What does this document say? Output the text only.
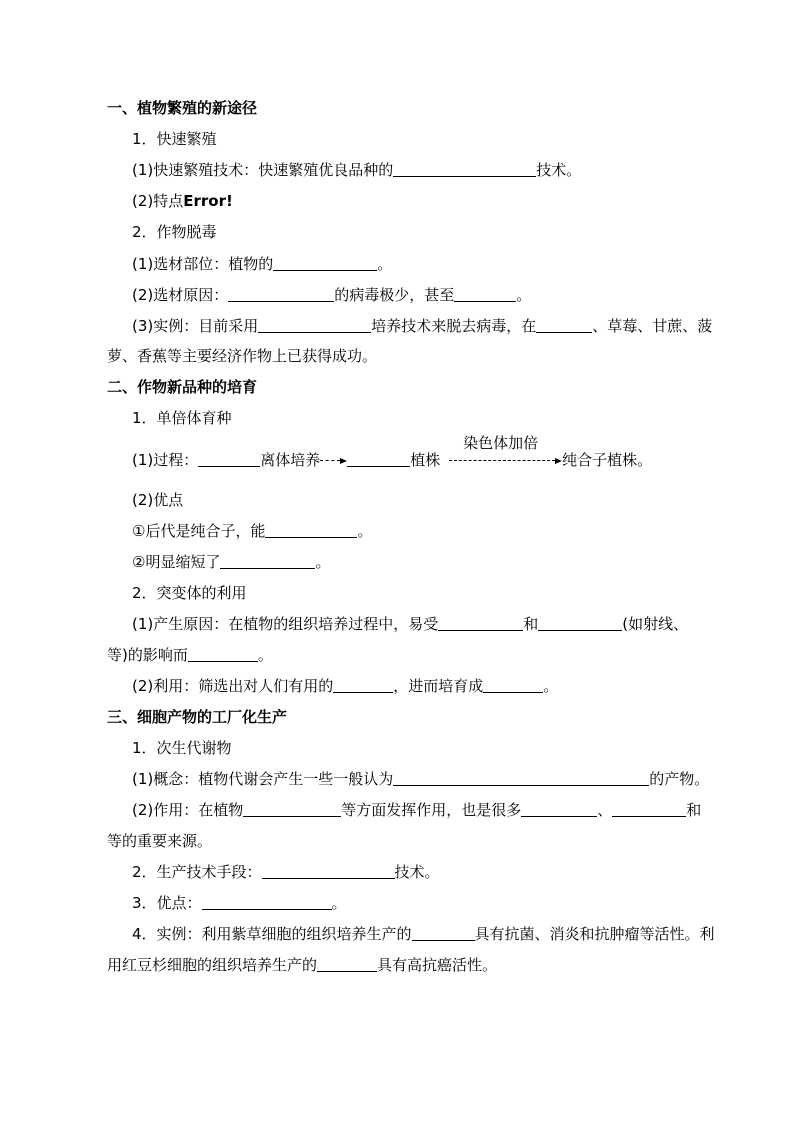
一、植物繁殖的新途径
1．快速繁殖
(1)快速繁殖技术：快速繁殖优良品种的	技术。
(2)特点Error!
2．作物脱毒
(1)选材部位：植物的	。
(2)选材原因：	的病毒极少，甚至	。
(3)实例：目前采用	培养技术来脱去病毒，在	、草莓、甘蔗、菠
萝、香蕉等主要经济作物上已获得成功。
二、作物新品种的培育
1．单倍体育种
(1)过程：	离体培养	植株
染色体加倍
纯合子植株。
(2)优点
①后代是纯合子，能	。
②明显缩短了	。
2．突变体的利用
(1)产生原因：在植物的组织培养过程中，易受	和	(如射线、
等)的影响而	。
(2)利用：筛选出对人们有用的	，进而培育成	。
三、细胞产物的工厂化生产
1．次生代谢物
(1)概念：植物代谢会产生一些一般认为	的产物。
(2)作用：在植物	等方面发挥作用，也是很多	、	和
等的重要来源。
2．生产技术手段：	技术。
3．优点：	。
4．实例：利用紫草细胞的组织培养生产的	具有抗菌、消炎和抗肿瘤等活性。利
用红豆杉细胞的组织培养生产的	具有高抗癌活性。
